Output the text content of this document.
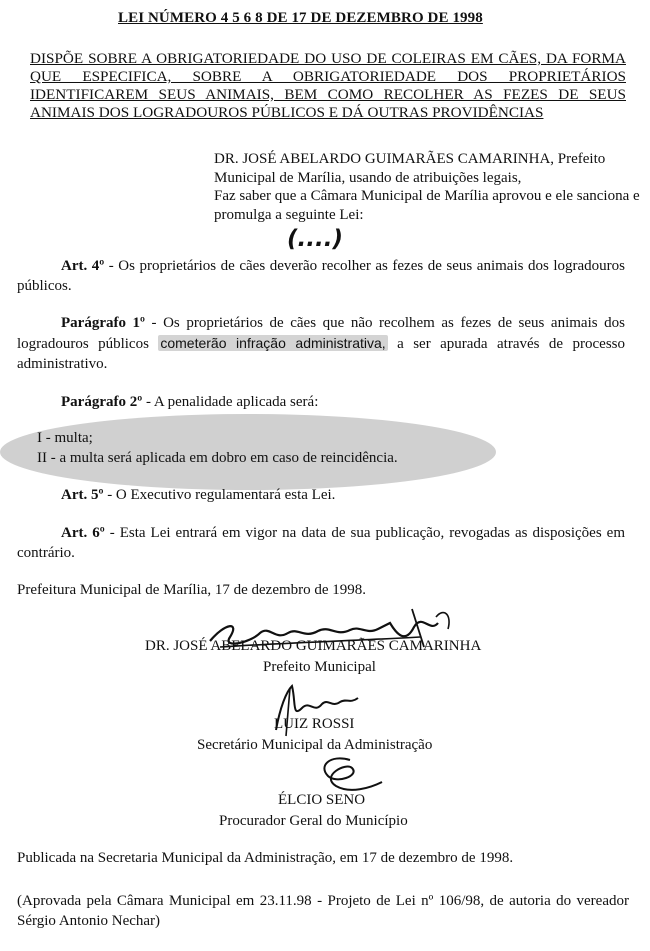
LEI NÚMERO 4 5 6 8 DE 17 DE DEZEMBRO DE 1998
DISPÕE SOBRE A OBRIGATORIEDADE DO USO DE COLEIRAS EM CÃES, DA FORMA QUE ESPECIFICA, SOBRE A OBRIGATORIEDADE DOS PROPRIETÁRIOS IDENTIFICAREM SEUS ANIMAIS, BEM COMO RECOLHER AS FEZES DE SEUS ANIMAIS DOS LOGRADOUROS PÚBLICOS E DÁ OUTRAS PROVIDÊNCIAS
DR. JOSÉ ABELARDO GUIMARÃES CAMARINHA, Prefeito Municipal de Marília, usando de atribuições legais,
Faz saber que a Câmara Municipal de Marília aprovou e ele sanciona e promulga a seguinte Lei:
(....)
Art. 4º - Os proprietários de cães deverão recolher as fezes de seus animais dos logradouros públicos.
Parágrafo 1º - Os proprietários de cães que não recolhem as fezes de seus animais dos logradouros públicos cometerão infração administrativa, a ser apurada através de processo administrativo.
Parágrafo 2º - A penalidade aplicada será:
I - multa;
II - a multa será aplicada em dobro em caso de reincidência.
Art. 5º - O Executivo regulamentará esta Lei.
Art. 6º - Esta Lei entrará em vigor na data de sua publicação, revogadas as disposições em contrário.
Prefeitura Municipal de Marília, 17 de dezembro de 1998.
DR. JOSÉ ABELARDO GUIMARÃES CAMARINHA
Prefeito Municipal
LUIZ ROSSI
Secretário Municipal da Administração
ÉLCIO SENO
Procurador Geral do Município
Publicada na Secretaria Municipal da Administração, em 17 de dezembro de 1998.
(Aprovada pela Câmara Municipal em 23.11.98 - Projeto de Lei nº 106/98, de autoria do vereador Sérgio Antonio Nechar)
